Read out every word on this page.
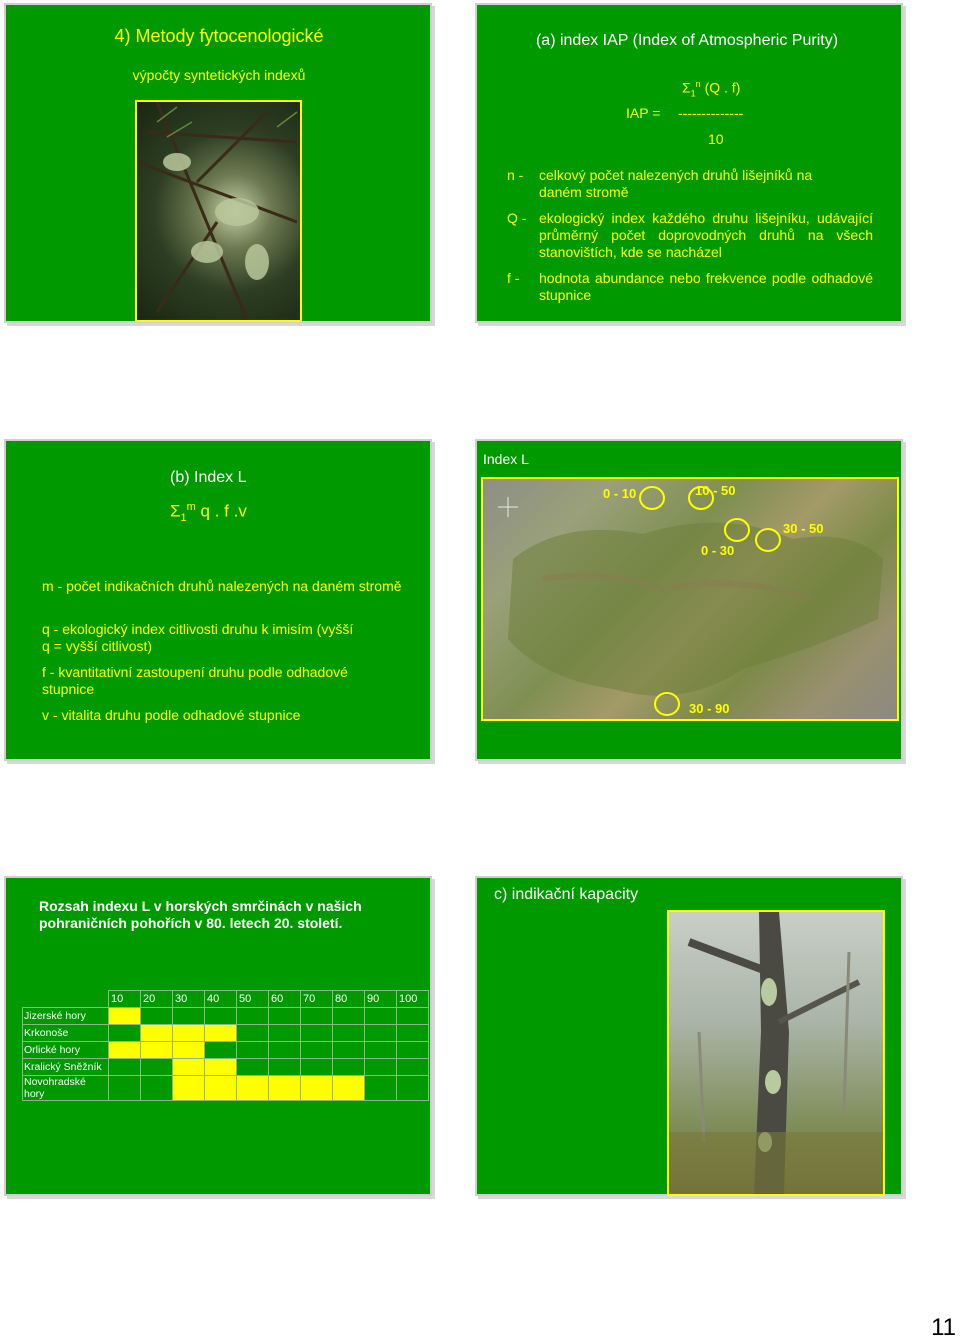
4) Metody fytocenologické
výpočty syntetických indexů
(a) index IAP (Index of Atmospheric Purity)
$\Sigma_1^n$ (Q . f)
IAP = --------------
10
n - celkový počet nalezených druhů lišejníků na daném stromě
Q - ekologický index každého druhu lišejníku, udávající průměrný počet doprovodných druhů na všech stanovištích, kde se nacházel
f - hodnota abundance nebo frekvence podle odhadové stupnice
(b) Index L
$\Sigma_1^m$ q . f .v
m - počet indikačních druhů nalezených na daném stromě
q - ekologický index citlivosti druhu k imisím (vyšší q = vyšší citlivost)
f - kvantitativní zastoupení druhu podle odhadové stupnice
v - vitalita druhu podle odhadové stupnice
Index L
0 - 10	10 - 50
0 - 30
30 - 50
30 - 90
Rozsah indexu L v horských smrčinách v našich pohraničních pohořích v 80. letech 20. století.
	10	20	30	40	50	60	70	80	90	100
Jizerské hory										
Krkonoše										
Orlické hory										
Kralický Sněžník										
Novohradské hory										
c) indikační kapacity
11
